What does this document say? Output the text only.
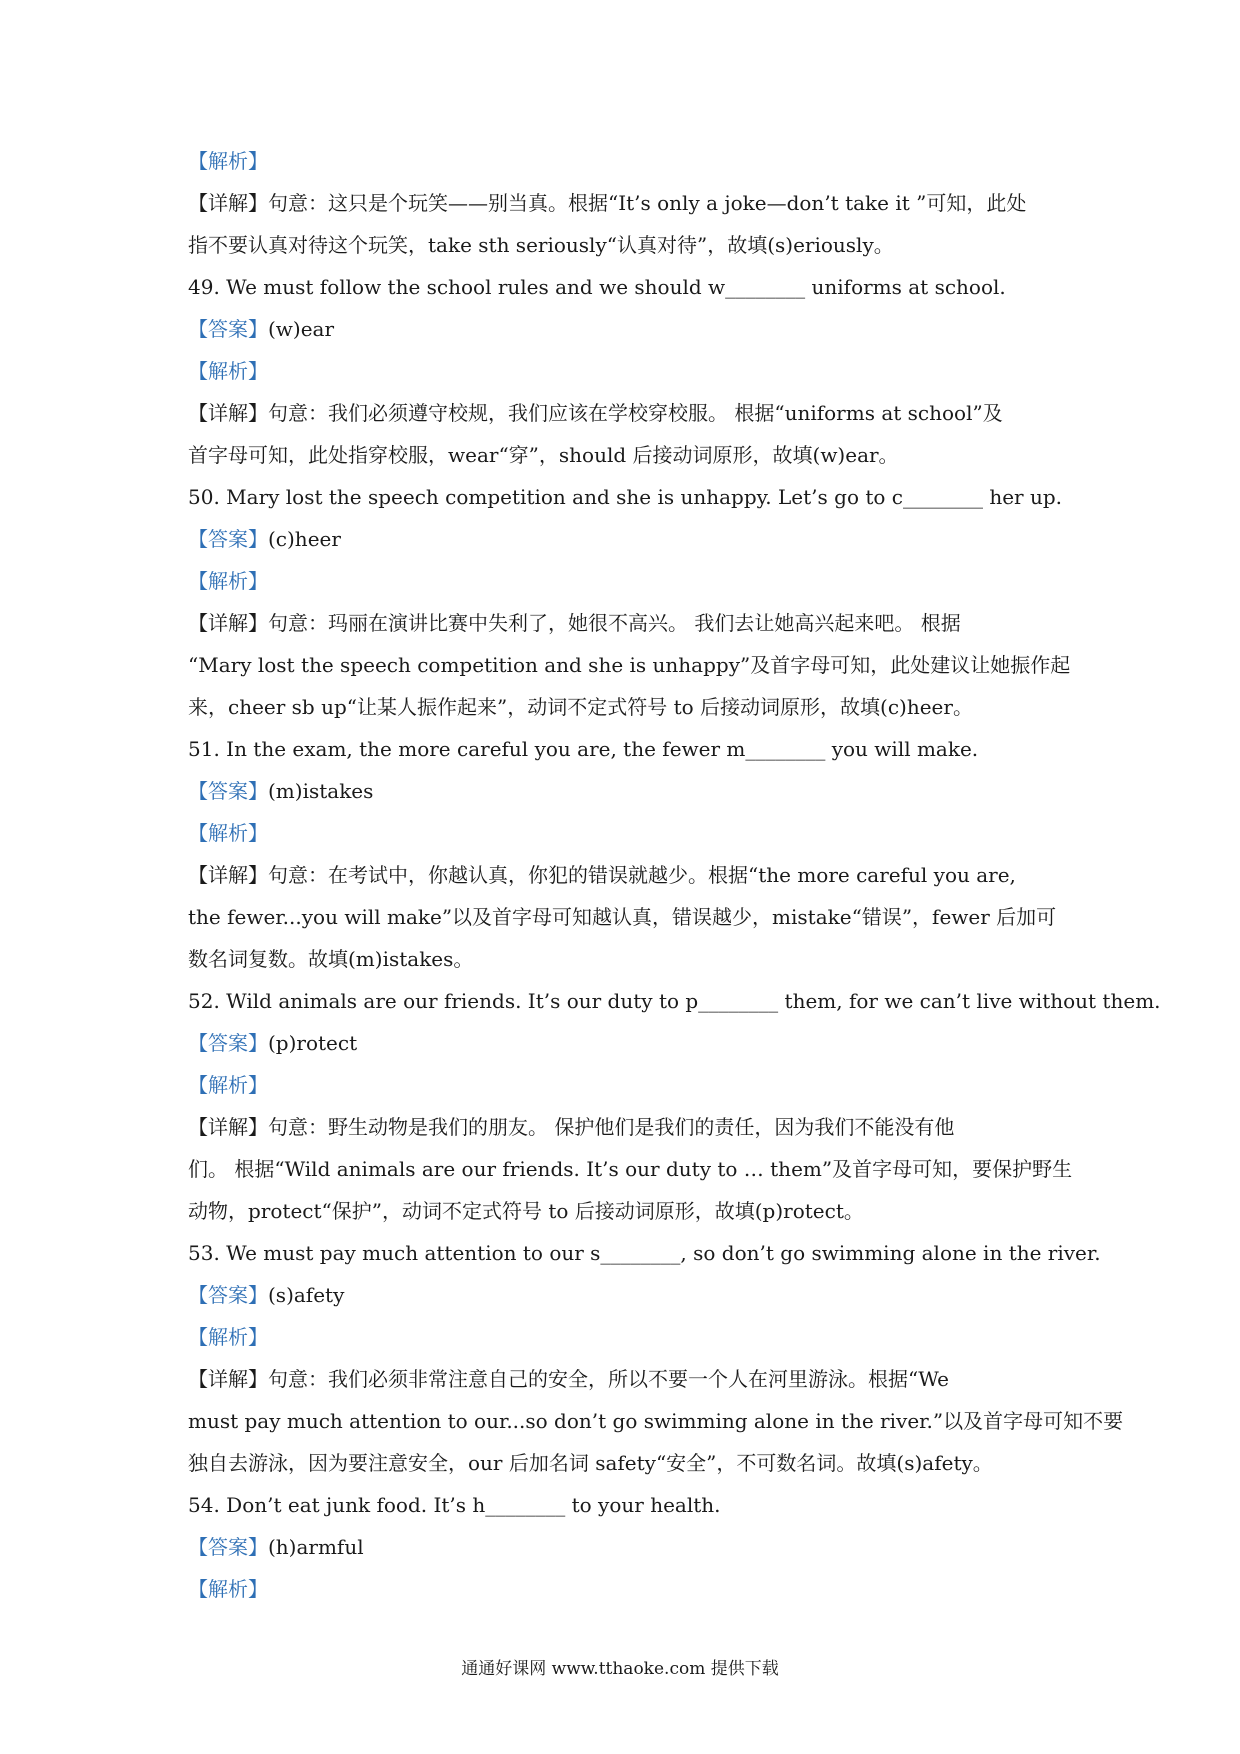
【解析】
【详解】句意：这只是个玩笑——别当真。根据“It’s only a joke—don’t take it ”可知，此处
指不要认真对待这个玩笑，take sth seriously“认真对待”，故填(s)eriously。
49. We must follow the school rules and we should w________ uniforms at school.
【答案】(w)ear
【解析】
【详解】句意：我们必须遵守校规，我们应该在学校穿校服。 根据“uniforms at school”及
首字母可知，此处指穿校服，wear“穿”，should 后接动词原形，故填(w)ear。
50. Mary lost the speech competition and she is unhappy. Let’s go to c________ her up.
【答案】(c)heer
【解析】
【详解】句意：玛丽在演讲比赛中失利了，她很不高兴。 我们去让她高兴起来吧。 根据
“Mary lost the speech competition and she is unhappy”及首字母可知，此处建议让她振作起
来，cheer sb up“让某人振作起来”，动词不定式符号 to 后接动词原形，故填(c)heer。
51. In the exam, the more careful you are, the fewer m________ you will make.
【答案】(m)istakes
【解析】
【详解】句意：在考试中，你越认真，你犯的错误就越少。根据“the more careful you are,
the fewer...you will make”以及首字母可知越认真，错误越少，mistake“错误”，fewer 后加可
数名词复数。故填(m)istakes。
52. Wild animals are our friends. It’s our duty to p________ them, for we can’t live without them.
【答案】(p)rotect
【解析】
【详解】句意：野生动物是我们的朋友。 保护他们是我们的责任，因为我们不能没有他
们。 根据“Wild animals are our friends. It’s our duty to … them”及首字母可知，要保护野生
动物，protect“保护”，动词不定式符号 to 后接动词原形，故填(p)rotect。
53. We must pay much attention to our s________, so don’t go swimming alone in the river.
【答案】(s)afety
【解析】
【详解】句意：我们必须非常注意自己的安全，所以不要一个人在河里游泳。根据“We
must pay much attention to our...so don’t go swimming alone in the river.”以及首字母可知不要
独自去游泳，因为要注意安全，our 后加名词 safety“安全”，不可数名词。故填(s)afety。
54. Don’t eat junk food. It’s h________ to your health.
【答案】(h)armful
【解析】
通通好课网 www.tthaoke.com 提供下载
